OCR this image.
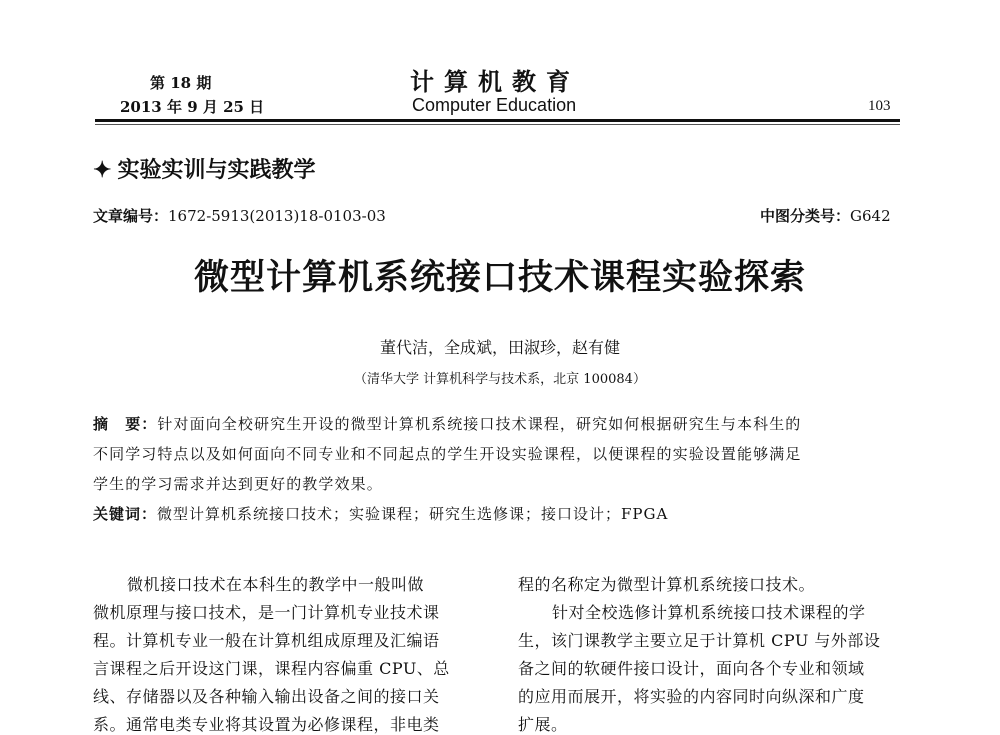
第 18 期
2013 年 9 月 25 日
计算机教育
Computer Education	103
✦ 实验实训与实践教学
文章编号：1672-5913(2013)18-0103-03	中图分类号：G642
微型计算机系统接口技术课程实验探索
董代洁，全成斌，田淑珍，赵有健
（清华大学 计算机科学与技术系，北京 100084）
摘　要：针对面向全校研究生开设的微型计算机系统接口技术课程，研究如何根据研究生与本科生的
不同学习特点以及如何面向不同专业和不同起点的学生开设实验课程，以便课程的实验设置能够满足
学生的学习需求并达到更好的教学效果。
关键词：微型计算机系统接口技术；实验课程；研究生选修课；接口设计；FPGA
微机接口技术在本科生的教学中一般叫做
微机原理与接口技术，是一门计算机专业技术课
程。计算机专业一般在计算机组成原理及汇编语
言课程之后开设这门课，课程内容偏重 CPU、总
线、存储器以及各种输入输出设备之间的接口关
系。通常电类专业将其设置为必修课程，非电类
程的名称定为微型计算机系统接口技术。
针对全校选修计算机系统接口技术课程的学
生，该门课教学主要立足于计算机 CPU 与外部设
备之间的软硬件接口设计，面向各个专业和领域
的应用而展开，将实验的内容同时向纵深和广度
扩展。
